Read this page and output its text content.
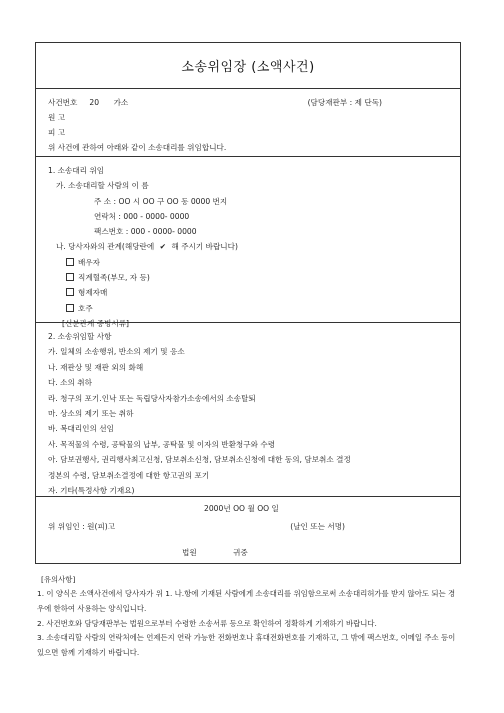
소송위임장 (소액사건)
사건번호 20 가소	(담당재판부 : 제 단독)
원 고
피 고
위 사건에 관하여 아래와 같이 소송대리를 위임합니다.
1. 소송대리 위임
가. 소송대리할 사람의 이 름
주 소 : OO 시 OO 구 OO 동 0000 번지
연락처 : 000 - 0000- 0000
팩스번호 : 000 - 0000- 0000
나. 당사자와의 관계(해당란에 ✔ 해 주시기 바랍니다)
배우자
직계혈족(부모, 자 등)
형제자매
호주
[신분관계 증빙서류]
2. 소송위임할 사항
가. 일체의 소송행위, 반소의 제기 및 응소
나. 재판상 및 재판 외의 화해
다. 소의 취하
라. 청구의 포기․인낙 또는 독립당사자참가소송에서의 소송탈퇴
마. 상소의 제기 또는 취하
바. 복대리인의 선임
사. 목적물의 수령, 공탁물의 납부, 공탁물 및 이자의 반환청구와 수령
아. 담보권행사, 권리행사최고신청, 담보취소신청, 담보취소신청에 대한 동의, 담보취소 결정
정본의 수령, 담보취소결정에 대한 항고권의 포기
자. 기타(특정사항 기재요)
2000년 OO 월 OO 일
위 위임인 : 원(피)고	(날인 또는 서명)
법원	귀중
[유의사항]
1. 이 양식은 소액사건에서 당사자가 위 1. 나.항에 기재된 사람에게 소송대리를 위임함으로써 소송대리허가를 받지 않아도 되는 경우에 한하여 사용하는 양식입니다.
2. 사건번호와 담당재판부는 법원으로부터 수령한 소송서류 등으로 확인하여 정확하게 기재하기 바랍니다.
3. 소송대리할 사람의 연락처에는 언제든지 연락 가능한 전화번호나 휴대전화번호를 기재하고, 그 밖에 팩스번호, 이메일 주소 등이 있으면 함께 기재하기 바랍니다.
